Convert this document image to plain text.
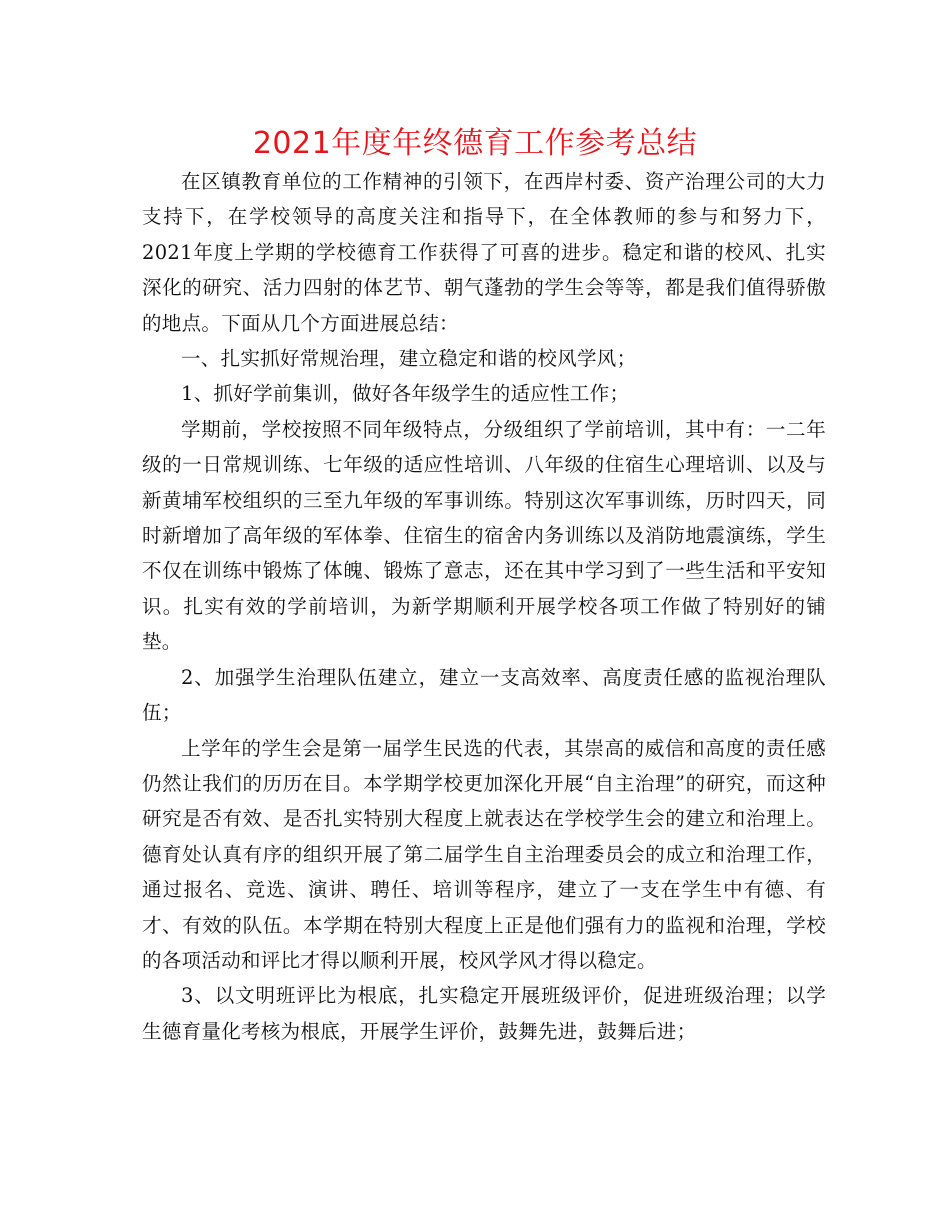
2021年度年终德育工作参考总结

在区镇教育单位的工作精神的引领下，在西岸村委、资产治理公司的大力支持下，在学校领导的高度关注和指导下，在全体教师的参与和努力下，2021年度上学期的学校德育工作获得了可喜的进步。稳定和谐的校风、扎实深化的研究、活力四射的体艺节、朝气蓬勃的学生会等等，都是我们值得骄傲的地点。下面从几个方面进展总结：

一、扎实抓好常规治理，建立稳定和谐的校风学风；

1、抓好学前集训，做好各年级学生的适应性工作；

学期前，学校按照不同年级特点，分级组织了学前培训，其中有：一二年级的一日常规训练、七年级的适应性培训、八年级的住宿生心理培训、以及与新黄埔军校组织的三至九年级的军事训练。特别这次军事训练，历时四天，同时新增加了高年级的军体拳、住宿生的宿舍内务训练以及消防地震演练，学生不仅在训练中锻炼了体魄、锻炼了意志，还在其中学习到了一些生活和平安知识。扎实有效的学前培训，为新学期顺利开展学校各项工作做了特别好的铺垫。

2、加强学生治理队伍建立，建立一支高效率、高度责任感的监视治理队伍；

上学年的学生会是第一届学生民选的代表，其崇高的威信和高度的责任感仍然让我们的历历在目。本学期学校更加深化开展“自主治理”的研究，而这种研究是否有效、是否扎实特别大程度上就表达在学校学生会的建立和治理上。德育处认真有序的组织开展了第二届学生自主治理委员会的成立和治理工作，通过报名、竞选、演讲、聘任、培训等程序，建立了一支在学生中有德、有才、有效的队伍。本学期在特别大程度上正是他们强有力的监视和治理，学校的各项活动和评比才得以顺利开展，校风学风才得以稳定。

3、以文明班评比为根底，扎实稳定开展班级评价，促进班级治理；以学生德育量化考核为根底，开展学生评价，鼓舞先进，鼓舞后进；
